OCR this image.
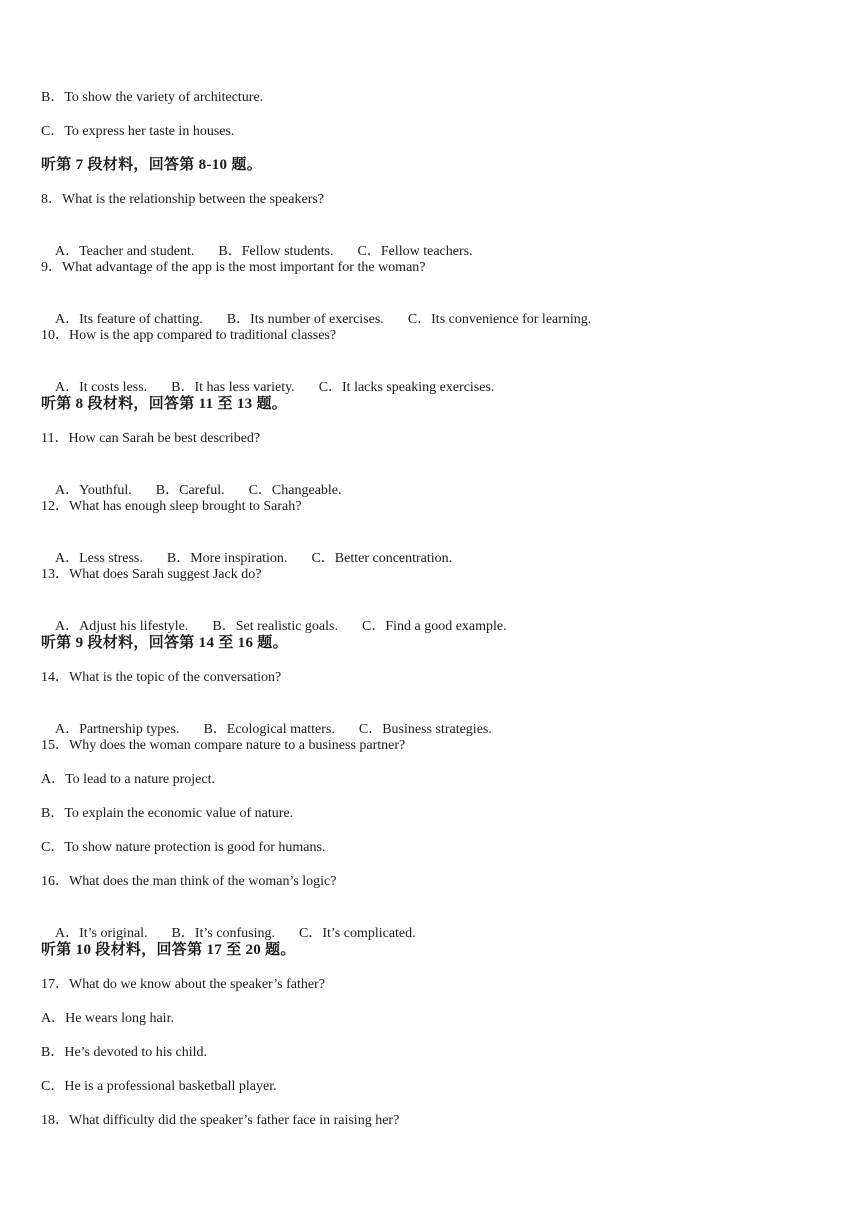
B．To show the variety of architecture.
C．To express her taste in houses.
听第 7 段材料，回答第 8-10 题。
8．What is the relationship between the speakers?

A．Teacher and student. B．Fellow students. C．Fellow teachers.

9．What advantage of the app is the most important for the woman?

A．Its feature of chatting. B．Its number of exercises. C．Its convenience for learning.

10．How is the app compared to traditional classes?

A．It costs less. B．It has less variety. C．It lacks speaking exercises.

听第 8 段材料，回答第 11 至 13 题。
11．How can Sarah be best described?

A．Youthful. B．Careful. C．Changeable.

12．What has enough sleep brought to Sarah?

A．Less stress. B．More inspiration. C．Better concentration.

13．What does Sarah suggest Jack do?

A．Adjust his lifestyle. B．Set realistic goals. C．Find a good example.

听第 9 段材料，回答第 14 至 16 题。
14．What is the topic of the conversation?

A．Partnership types. B．Ecological matters. C．Business strategies.

15．Why does the woman compare nature to a business partner?
A．To lead to a nature project.
B．To explain the economic value of nature.
C．To show nature protection is good for humans.
16．What does the man think of the woman’s logic?

A．It’s original. B．It’s confusing. C．It’s complicated.

听第 10 段材料，回答第 17 至 20 题。
17．What do we know about the speaker’s father?
A．He wears long hair.
B．He’s devoted to his child.
C．He is a professional basketball player.
18．What difficulty did the speaker’s father face in raising her?
